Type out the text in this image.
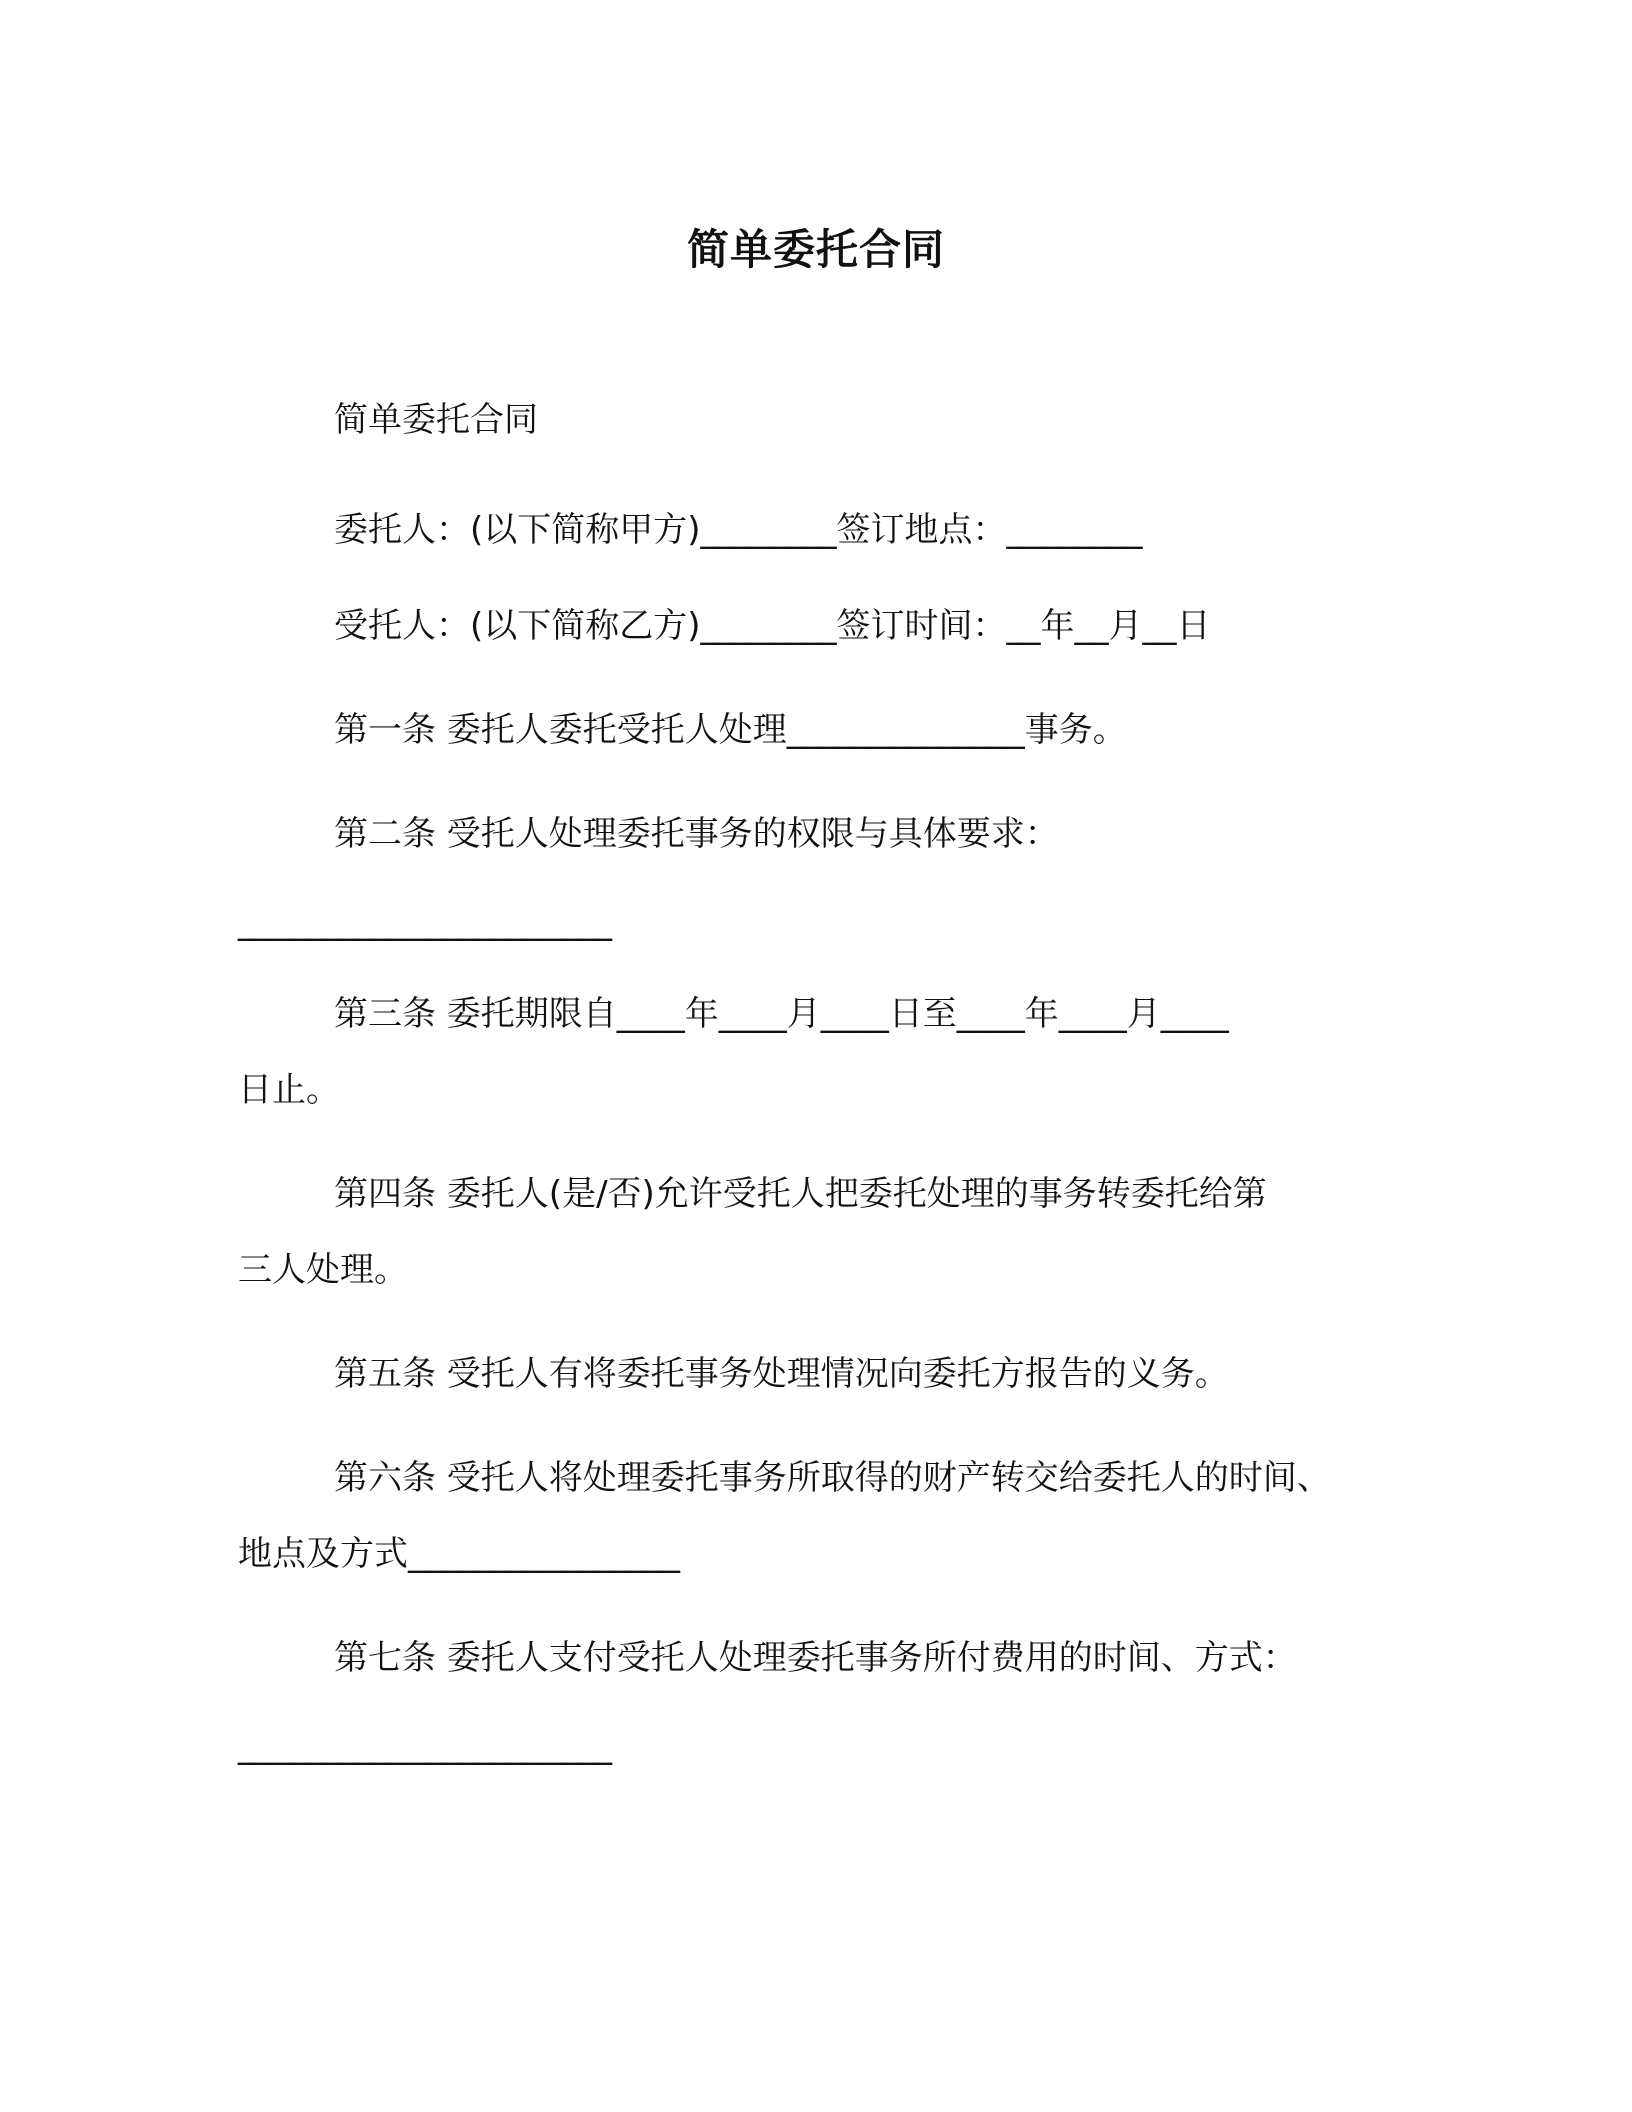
简单委托合同
简单委托合同
委托人：(以下简称甲方)________签订地点：________
受托人：(以下简称乙方)________签订时间：__年__月__日
第一条 委托人委托受托人处理______________事务。
第二条 受托人处理委托事务的权限与具体要求：
______________________
第三条 委托期限自____年____月____日至____年____月____
日止。
第四条 委托人(是/否)允许受托人把委托处理的事务转委托给第
三人处理。
第五条 受托人有将委托事务处理情况向委托方报告的义务。
第六条 受托人将处理委托事务所取得的财产转交给委托人的时间、
地点及方式________________
第七条 委托人支付受托人处理委托事务所付费用的时间、方式：
______________________
